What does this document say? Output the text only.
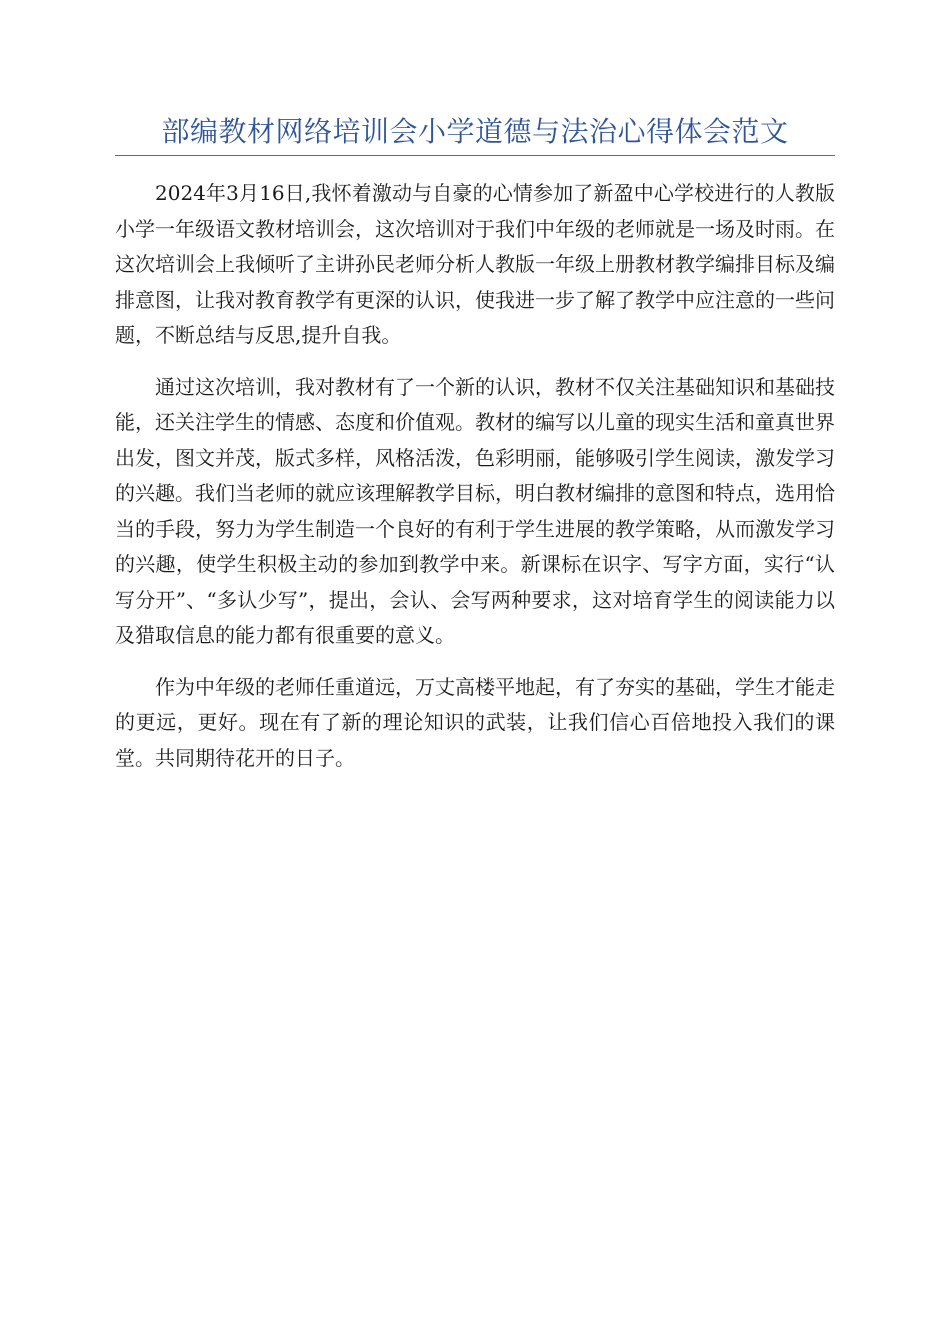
部编教材网络培训会小学道德与法治心得体会范文

2024年3月16日,我怀着激动与自豪的心情参加了新盈中心学校进行的人教版小学一年级语文教材培训会，这次培训对于我们中年级的老师就是一场及时雨。在这次培训会上我倾听了主讲孙民老师分析人教版一年级上册教材教学编排目标及编排意图，让我对教育教学有更深的认识，使我进一步了解了教学中应注意的一些问题，不断总结与反思,提升自我。

通过这次培训，我对教材有了一个新的认识，教材不仅关注基础知识和基础技能，还关注学生的情感、态度和价值观。教材的编写以儿童的现实生活和童真世界出发，图文并茂，版式多样，风格活泼，色彩明丽，能够吸引学生阅读，激发学习的兴趣。我们当老师的就应该理解教学目标，明白教材编排的意图和特点，选用恰当的手段，努力为学生制造一个良好的有利于学生进展的教学策略，从而激发学习的兴趣，使学生积极主动的参加到教学中来。新课标在识字、写字方面，实行“认写分开”、“多认少写”，提出，会认、会写两种要求，这对培育学生的阅读能力以及猎取信息的能力都有很重要的意义。

作为中年级的老师任重道远，万丈高楼平地起，有了夯实的基础，学生才能走的更远，更好。现在有了新的理论知识的武装，让我们信心百倍地投入我们的课堂。共同期待花开的日子。
